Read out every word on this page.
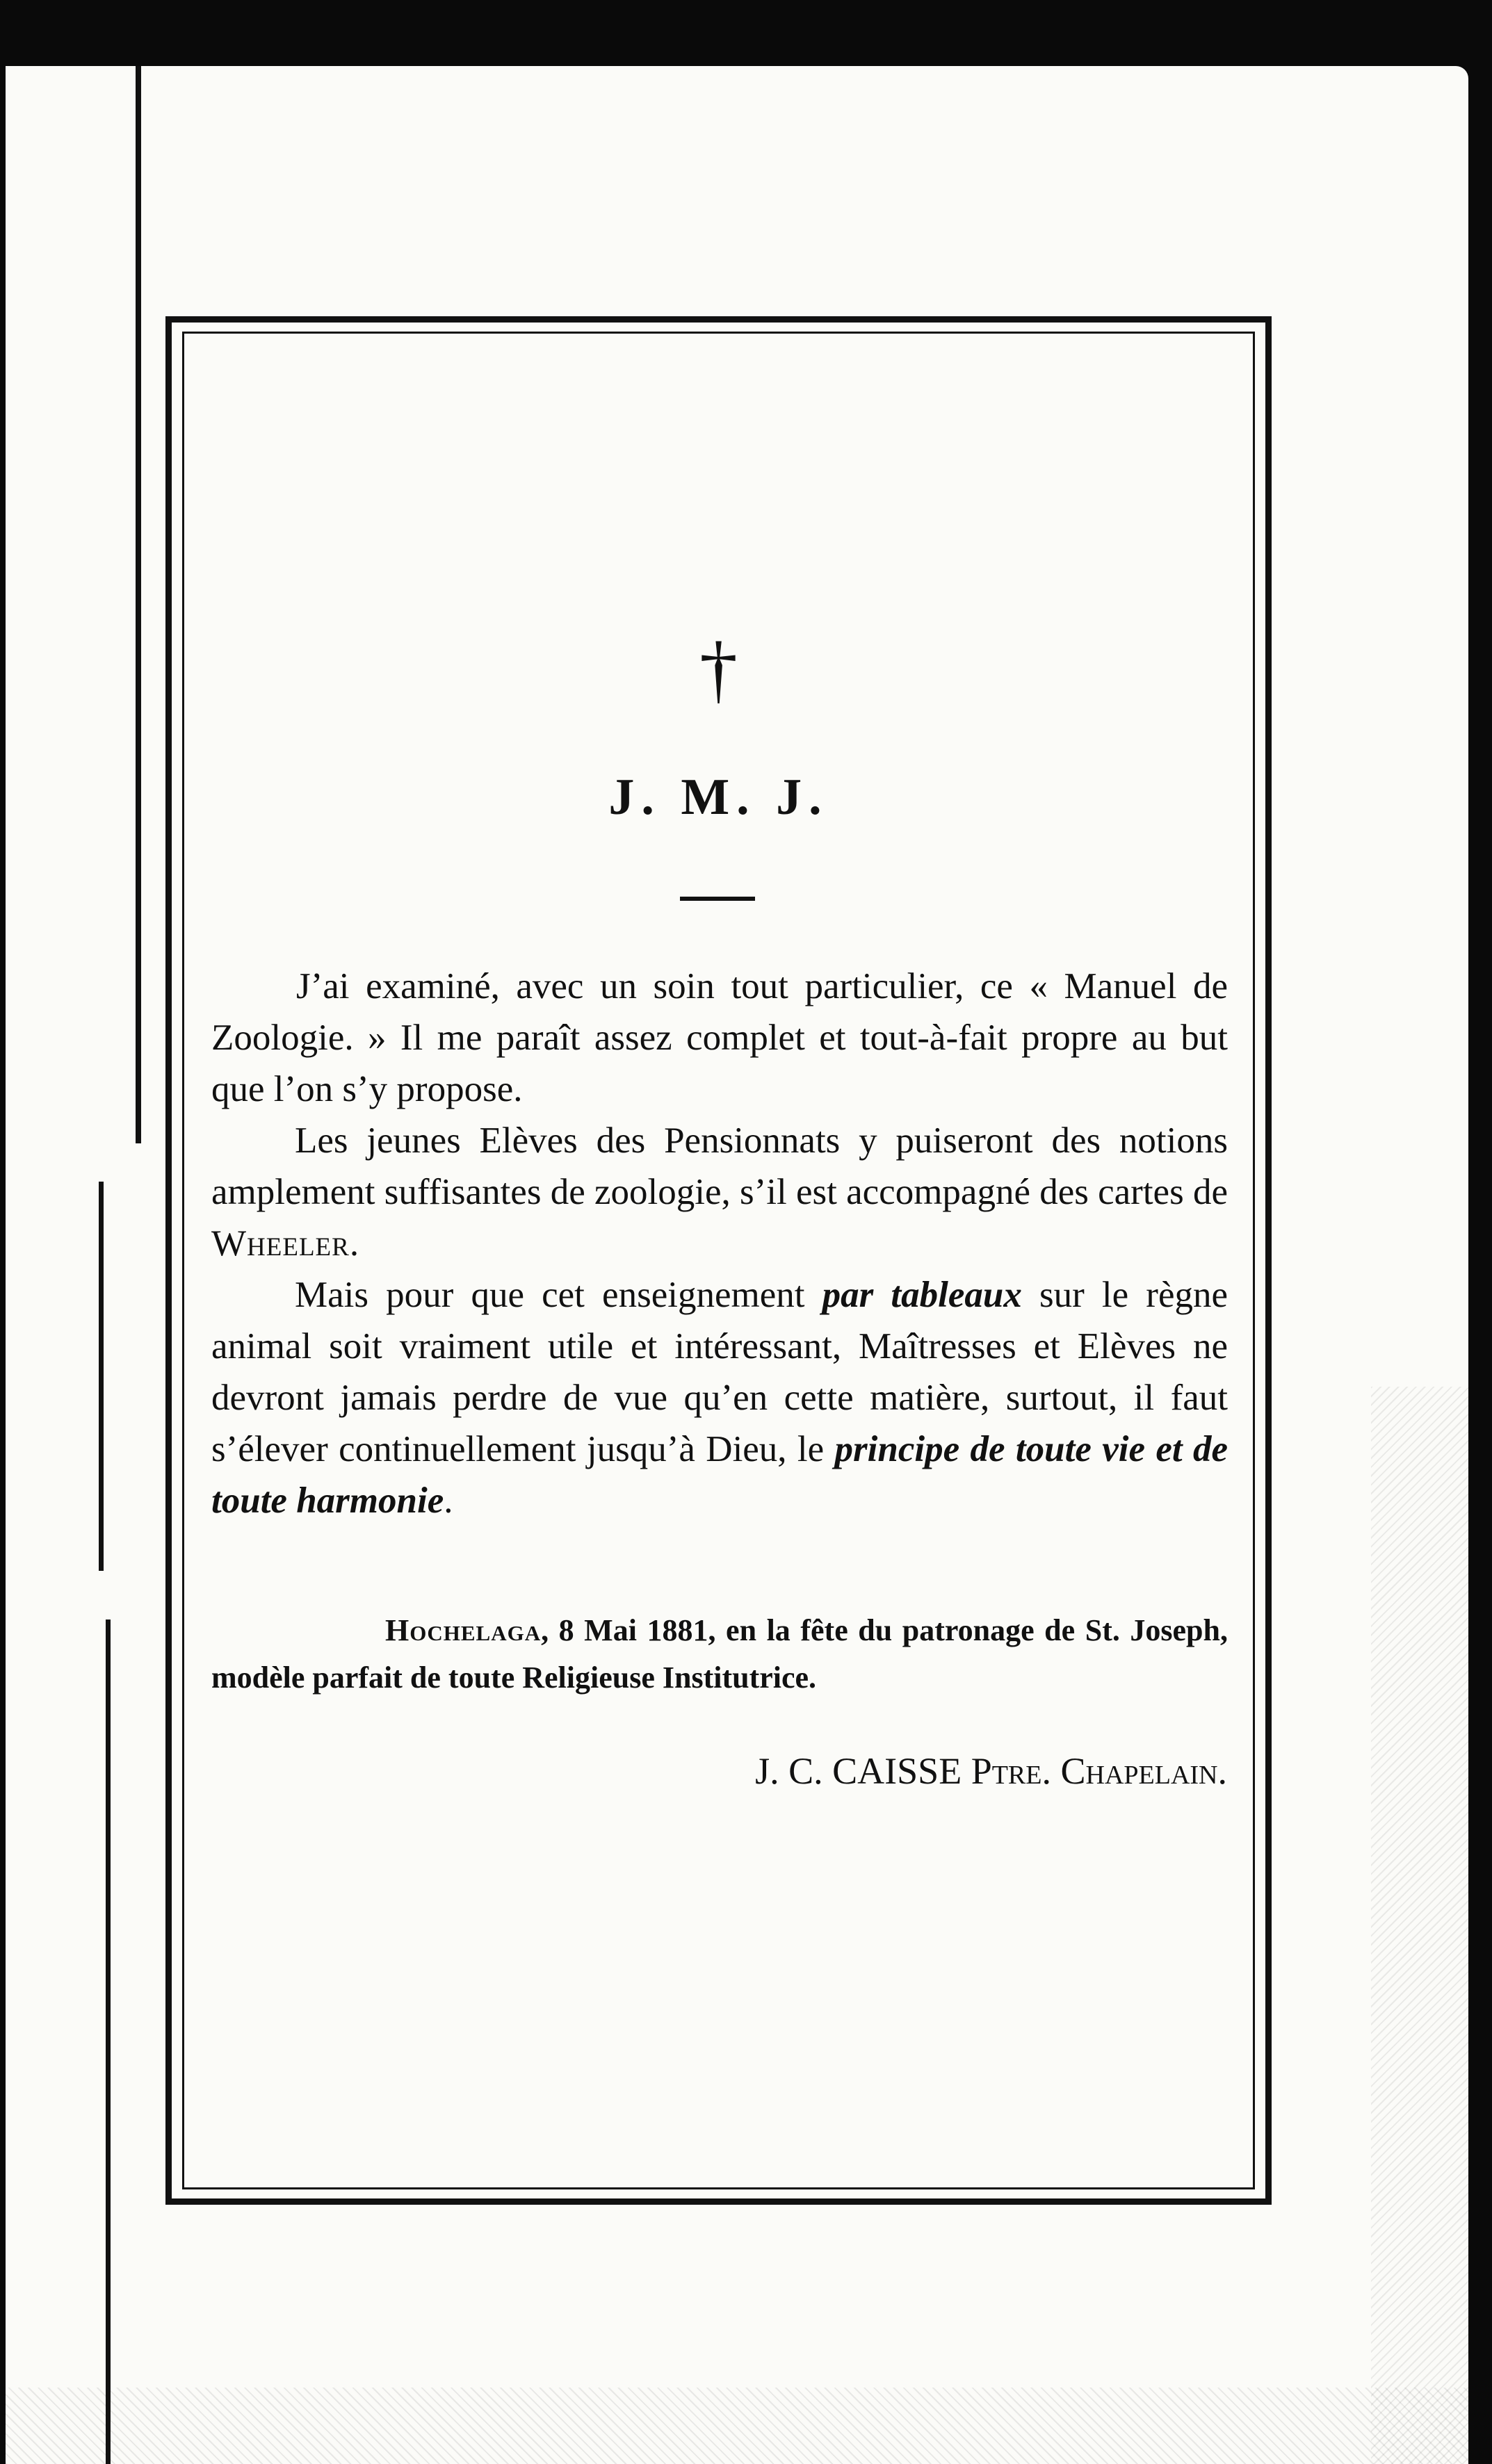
†
J. M. J.

J’ai examiné, avec un soin tout particulier, ce « Manuel de Zoologie. » Il me paraît assez complet et tout-à-fait propre au but que l’on s’y propose.

Les jeunes Elèves des Pensionnats y puiseront des notions amplement suffisantes de zoologie, s’il est accompagné des cartes de Wheeler.

Mais pour que cet enseignement par tableaux sur le règne animal soit vraiment utile et intéressant, Maîtresses et Elèves ne devront jamais perdre de vue qu’en cette matière, surtout, il faut s’élever continuellement jusqu’à Dieu, le principe de toute vie et de toute harmonie.

Hochelaga, 8 Mai 1881, en la fête du patronage de St. Joseph, modèle parfait de toute Religieuse Institutrice.

J. C. CAISSE Ptre. Chapelain.
